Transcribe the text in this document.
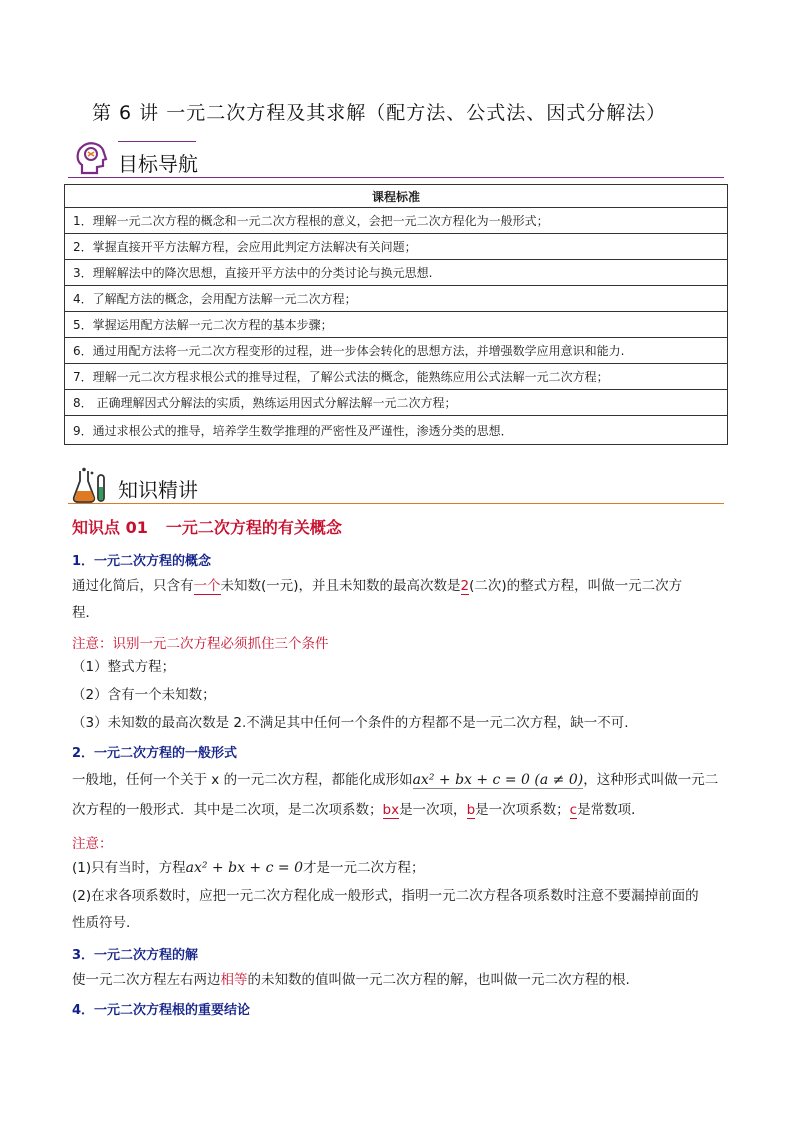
第 6 讲 一元二次方程及其求解（配方法、公式法、因式分解法）
目标导航
课程标准
1．理解一元二次方程的概念和一元二次方程根的意义，会把一元二次方程化为一般形式；
2．掌握直接开平方法解方程，会应用此判定方法解决有关问题；
3．理解解法中的降次思想，直接开平方法中的分类讨论与换元思想.
4．了解配方法的概念，会用配方法解一元二次方程；
5．掌握运用配方法解一元二次方程的基本步骤；
6．通过用配方法将一元二次方程变形的过程，进一步体会转化的思想方法，并增强数学应用意识和能力.
7．理解一元二次方程求根公式的推导过程，了解公式法的概念，能熟练应用公式法解一元二次方程；
8． 正确理解因式分解法的实质，熟练运用因式分解法解一元二次方程；
9．通过求根公式的推导，培养学生数学推理的严密性及严谨性，渗透分类的思想．
知识精讲
知识点 01 一元二次方程的有关概念
1．一元二次方程的概念
通过化简后，只含有一个未知数(一元)，并且未知数的最高次数是2(二次)的整式方程，叫做一元二次方
程．
注意：识别一元二次方程必须抓住三个条件
（1）整式方程；
（2）含有一个未知数；
（3）未知数的最高次数是 2.不满足其中任何一个条件的方程都不是一元二次方程，缺一不可.
2．一元二次方程的一般形式
一般地，任何一个关于 x 的一元二次方程，都能化成形如ax² + bx + c = 0 (a ≠ 0)，这种形式叫做一元二
次方程的一般形式．其中是二次项，是二次项系数；bx是一次项，b是一次项系数；c是常数项．
注意：
(1)只有当时，方程ax² + bx + c = 0才是一元二次方程；
(2)在求各项系数时，应把一元二次方程化成一般形式，指明一元二次方程各项系数时注意不要漏掉前面的
性质符号.
3．一元二次方程的解
使一元二次方程左右两边相等的未知数的值叫做一元二次方程的解，也叫做一元二次方程的根.
4．一元二次方程根的重要结论
